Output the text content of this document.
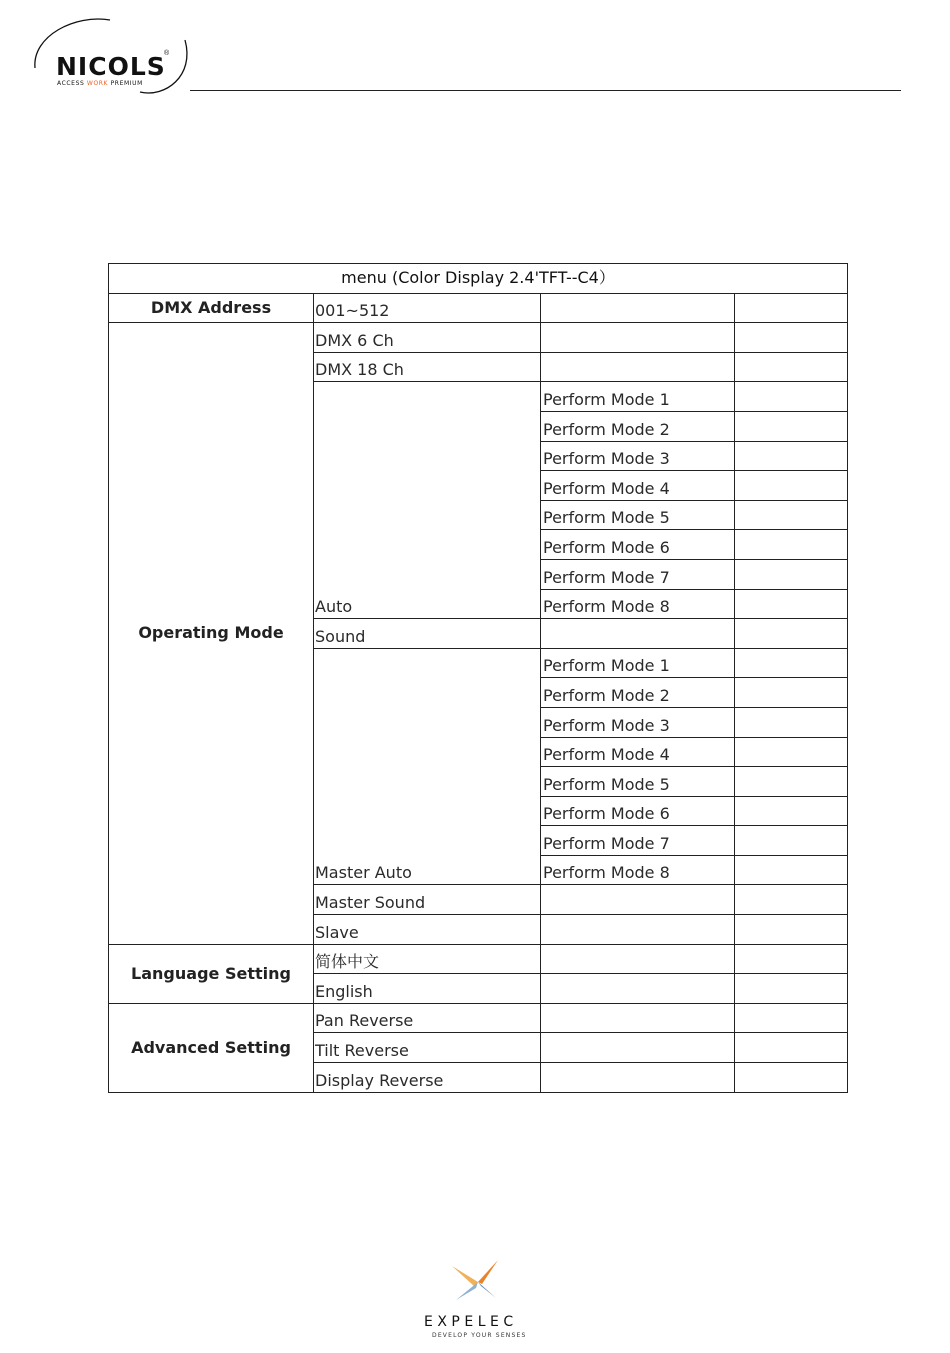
NICOLS
®
ACCESS WORK PREMIUM
menu (Color Display 2.4'TFT--C4）			
DMX Address	001~512		
Operating Mode	DMX 6 Ch		
	DMX 18 Ch		
	Auto	Perform Mode 1	
		Perform Mode 2	
		Perform Mode 3	
		Perform Mode 4	
		Perform Mode 5	
		Perform Mode 6	
		Perform Mode 7	
		Perform Mode 8	
	Sound		
	Master Auto	Perform Mode 1	
		Perform Mode 2	
		Perform Mode 3	
		Perform Mode 4	
		Perform Mode 5	
		Perform Mode 6	
		Perform Mode 7	
		Perform Mode 8	
	Master Sound		
	Slave		
Language Setting	简体中文		
	English		
Advanced Setting	Pan Reverse		
	Tilt Reverse		
	Display Reverse		
EXPELEC
DEVELOP YOUR SENSES
